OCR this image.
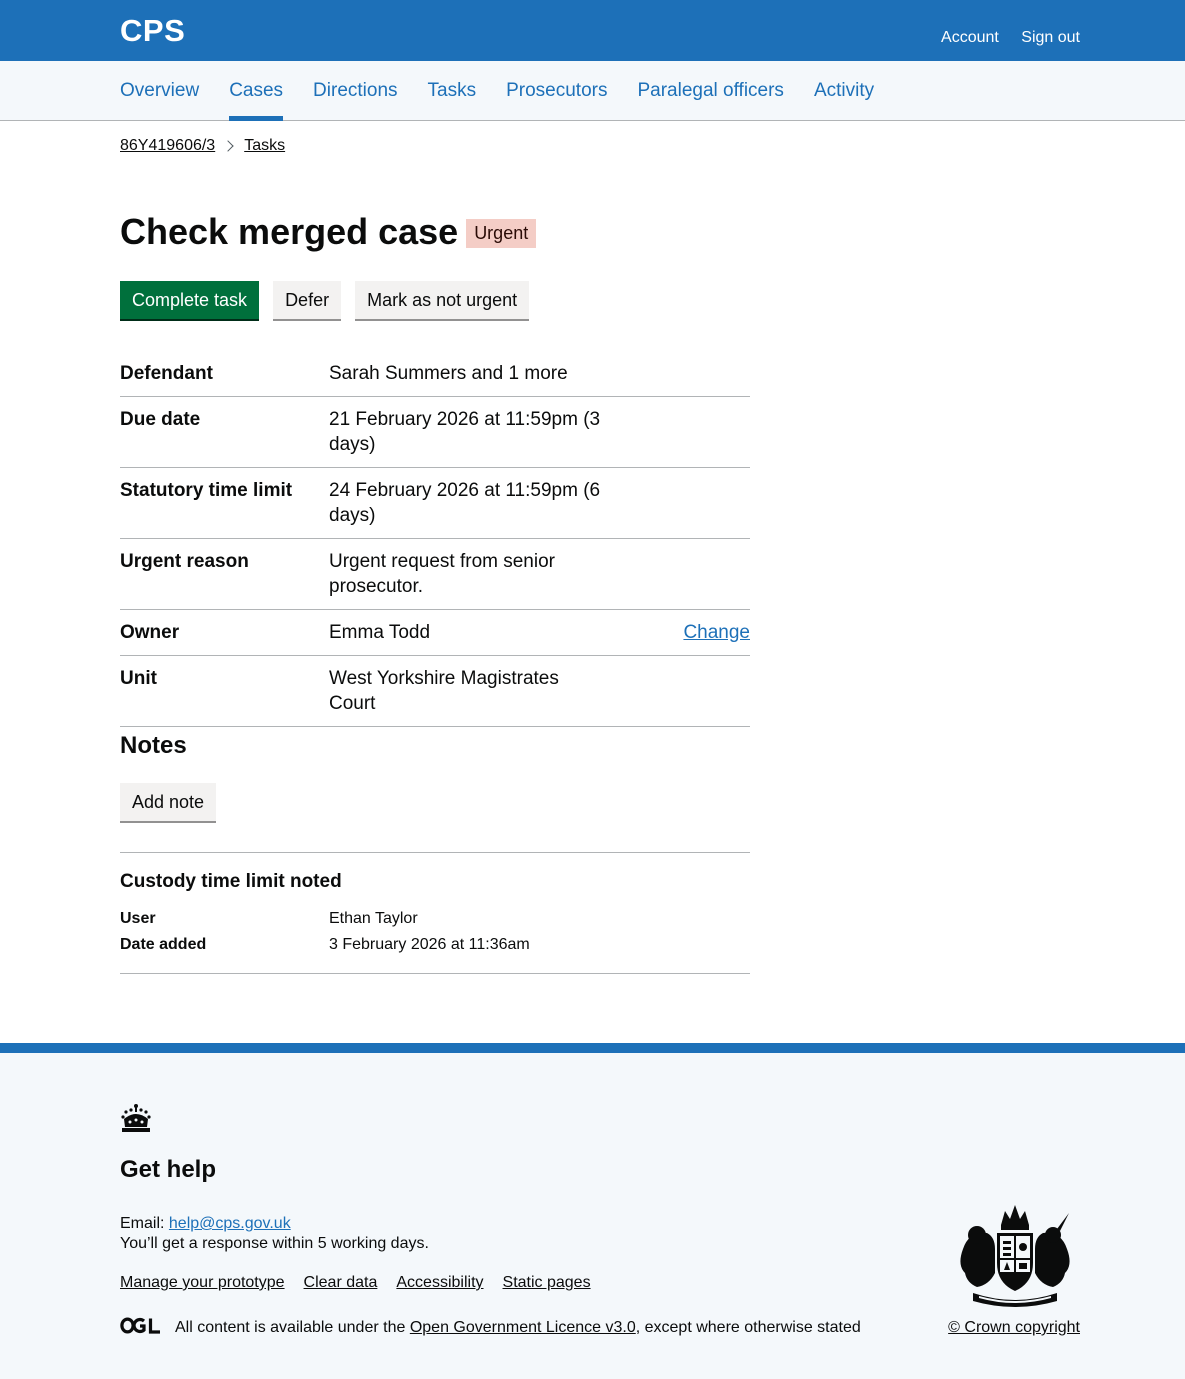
CPS	Account Sign out
Overview Cases Directions Tasks Prosecutors Paralegal officers Activity
86Y419606/3 Tasks
Check merged case Urgent
Complete task	Defer	Mark as not urgent
Defendant	Sarah Summers and 1 more
Due date	21 February 2026 at 11:59pm (3 days)
Statutory time limit	24 February 2026 at 11:59pm (6 days)
Urgent reason	Urgent request from senior prosecutor.
Owner	Emma Todd	Change
Unit	West Yorkshire Magistrates Court
Notes
Add note
Custody time limit noted
User	Ethan Taylor
Date added	3 February 2026 at 11:36am
Get help
Email: help@cps.gov.uk
You’ll get a response within 5 working days.
Manage your prototype Clear data Accessibility Static pages
All content is available under the
Open Government Licence v3.0 , except where otherwise stated	© Crown copyright
